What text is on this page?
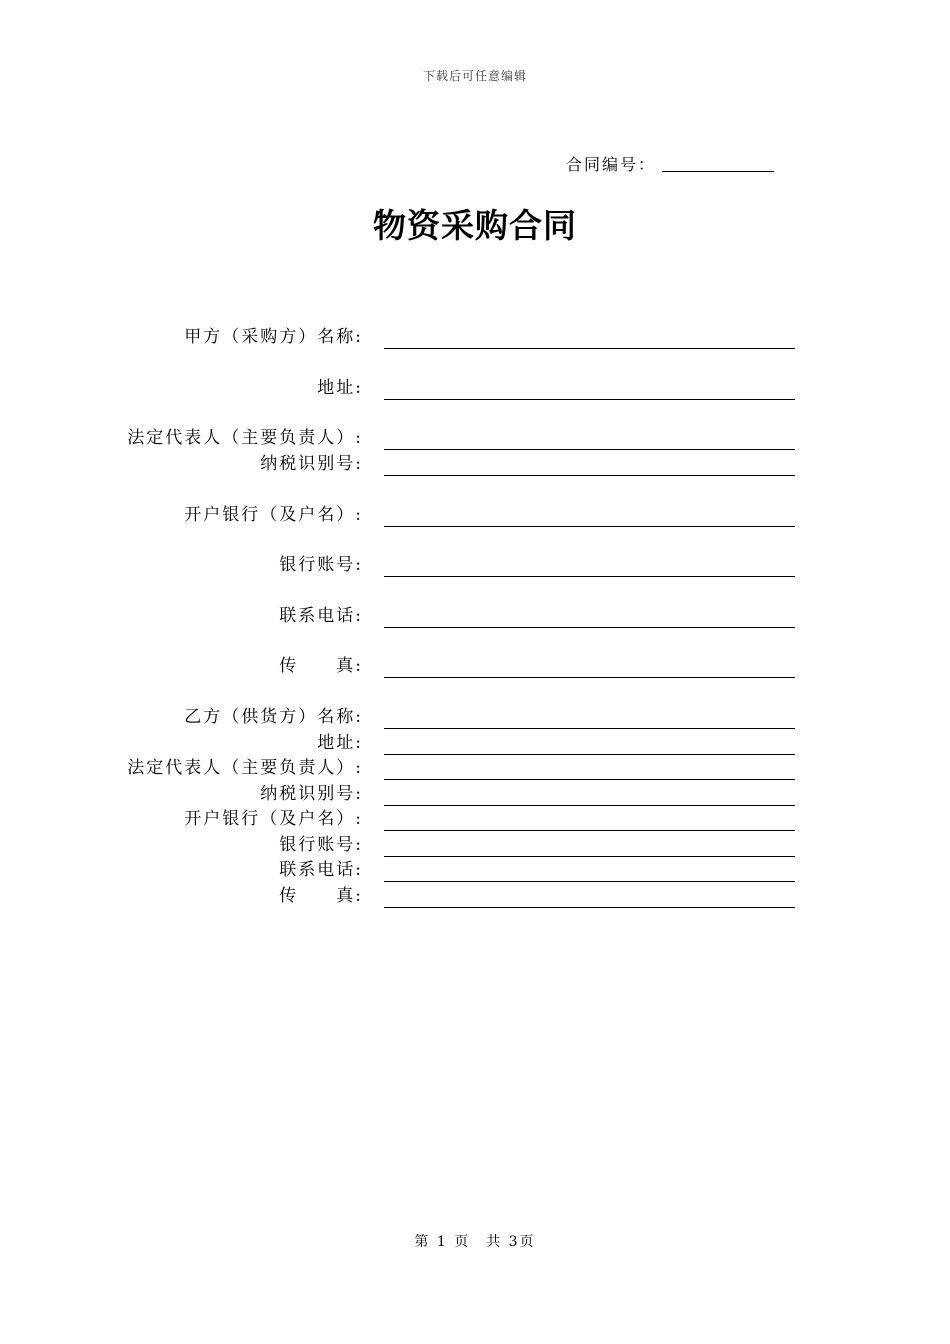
下载后可任意编辑
合同编号：
物资采购合同
甲方（采购方）名称:
地址:
法定代表人（主要负责人）:
纳税识别号:
开户银行（及户名）:
银行账号:
联系电话:
传　　真:
乙方（供货方）名称:
地址:
法定代表人（主要负责人）:
纳税识别号:
开户银行（及户名）:
银行账号:
联系电话:
传　　真:
第 1 页　共 3页
